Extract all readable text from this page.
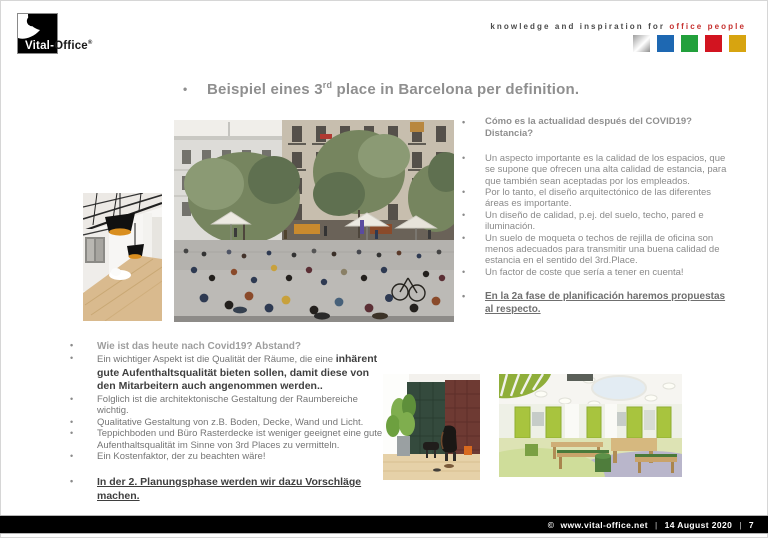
Vital-Office®
knowledge and inspiration for office people
• Beispiel eines 3rd place in Barcelona per definition.
•	Cómo es la actualidad después del COVID19? Distancia?
•	Un aspecto importante es la calidad de los espacios, que se supone que ofrecen una alta calidad de estancia, para que también sean aceptadas por los empleados.
•	Por lo tanto, el diseño arquitectónico de las diferentes áreas es importante.
•	Un diseño de calidad, p.ej. del suelo, techo, pared e iluminación.
•	Un suelo de moqueta o techos de rejilla de oficina son menos adecuados para transmitir una buena calidad de estancia en el sentido del 3rd.Place.
•	Un factor de coste que sería a tener en cuenta!
•	En la 2a fase de planificación haremos propuestas al respecto.
•	Wie ist das heute nach Covid19? Abstand?
•	Ein wichtiger Aspekt ist die Qualität der Räume, die eine inhärent gute Aufenthaltsqualität bieten sollen, damit diese von den Mitarbeitern auch angenommen werden..
•	Folglich ist die architektonische Gestaltung der Raumbereiche wichtig.
•	Qualitative Gestaltung von z.B. Boden, Decke, Wand und Licht.
•	Teppichboden und Büro Rasterdecke ist weniger geeignet eine gute Aufenthaltsqualität im Sinne von 3rd Places zu vermitteln.
•	Ein Kostenfaktor, der zu beachten wäre!
•	In der 2. Planungsphase werden wir dazu Vorschläge machen.
© www.vital-office.net | 14 August 2020 | 7
